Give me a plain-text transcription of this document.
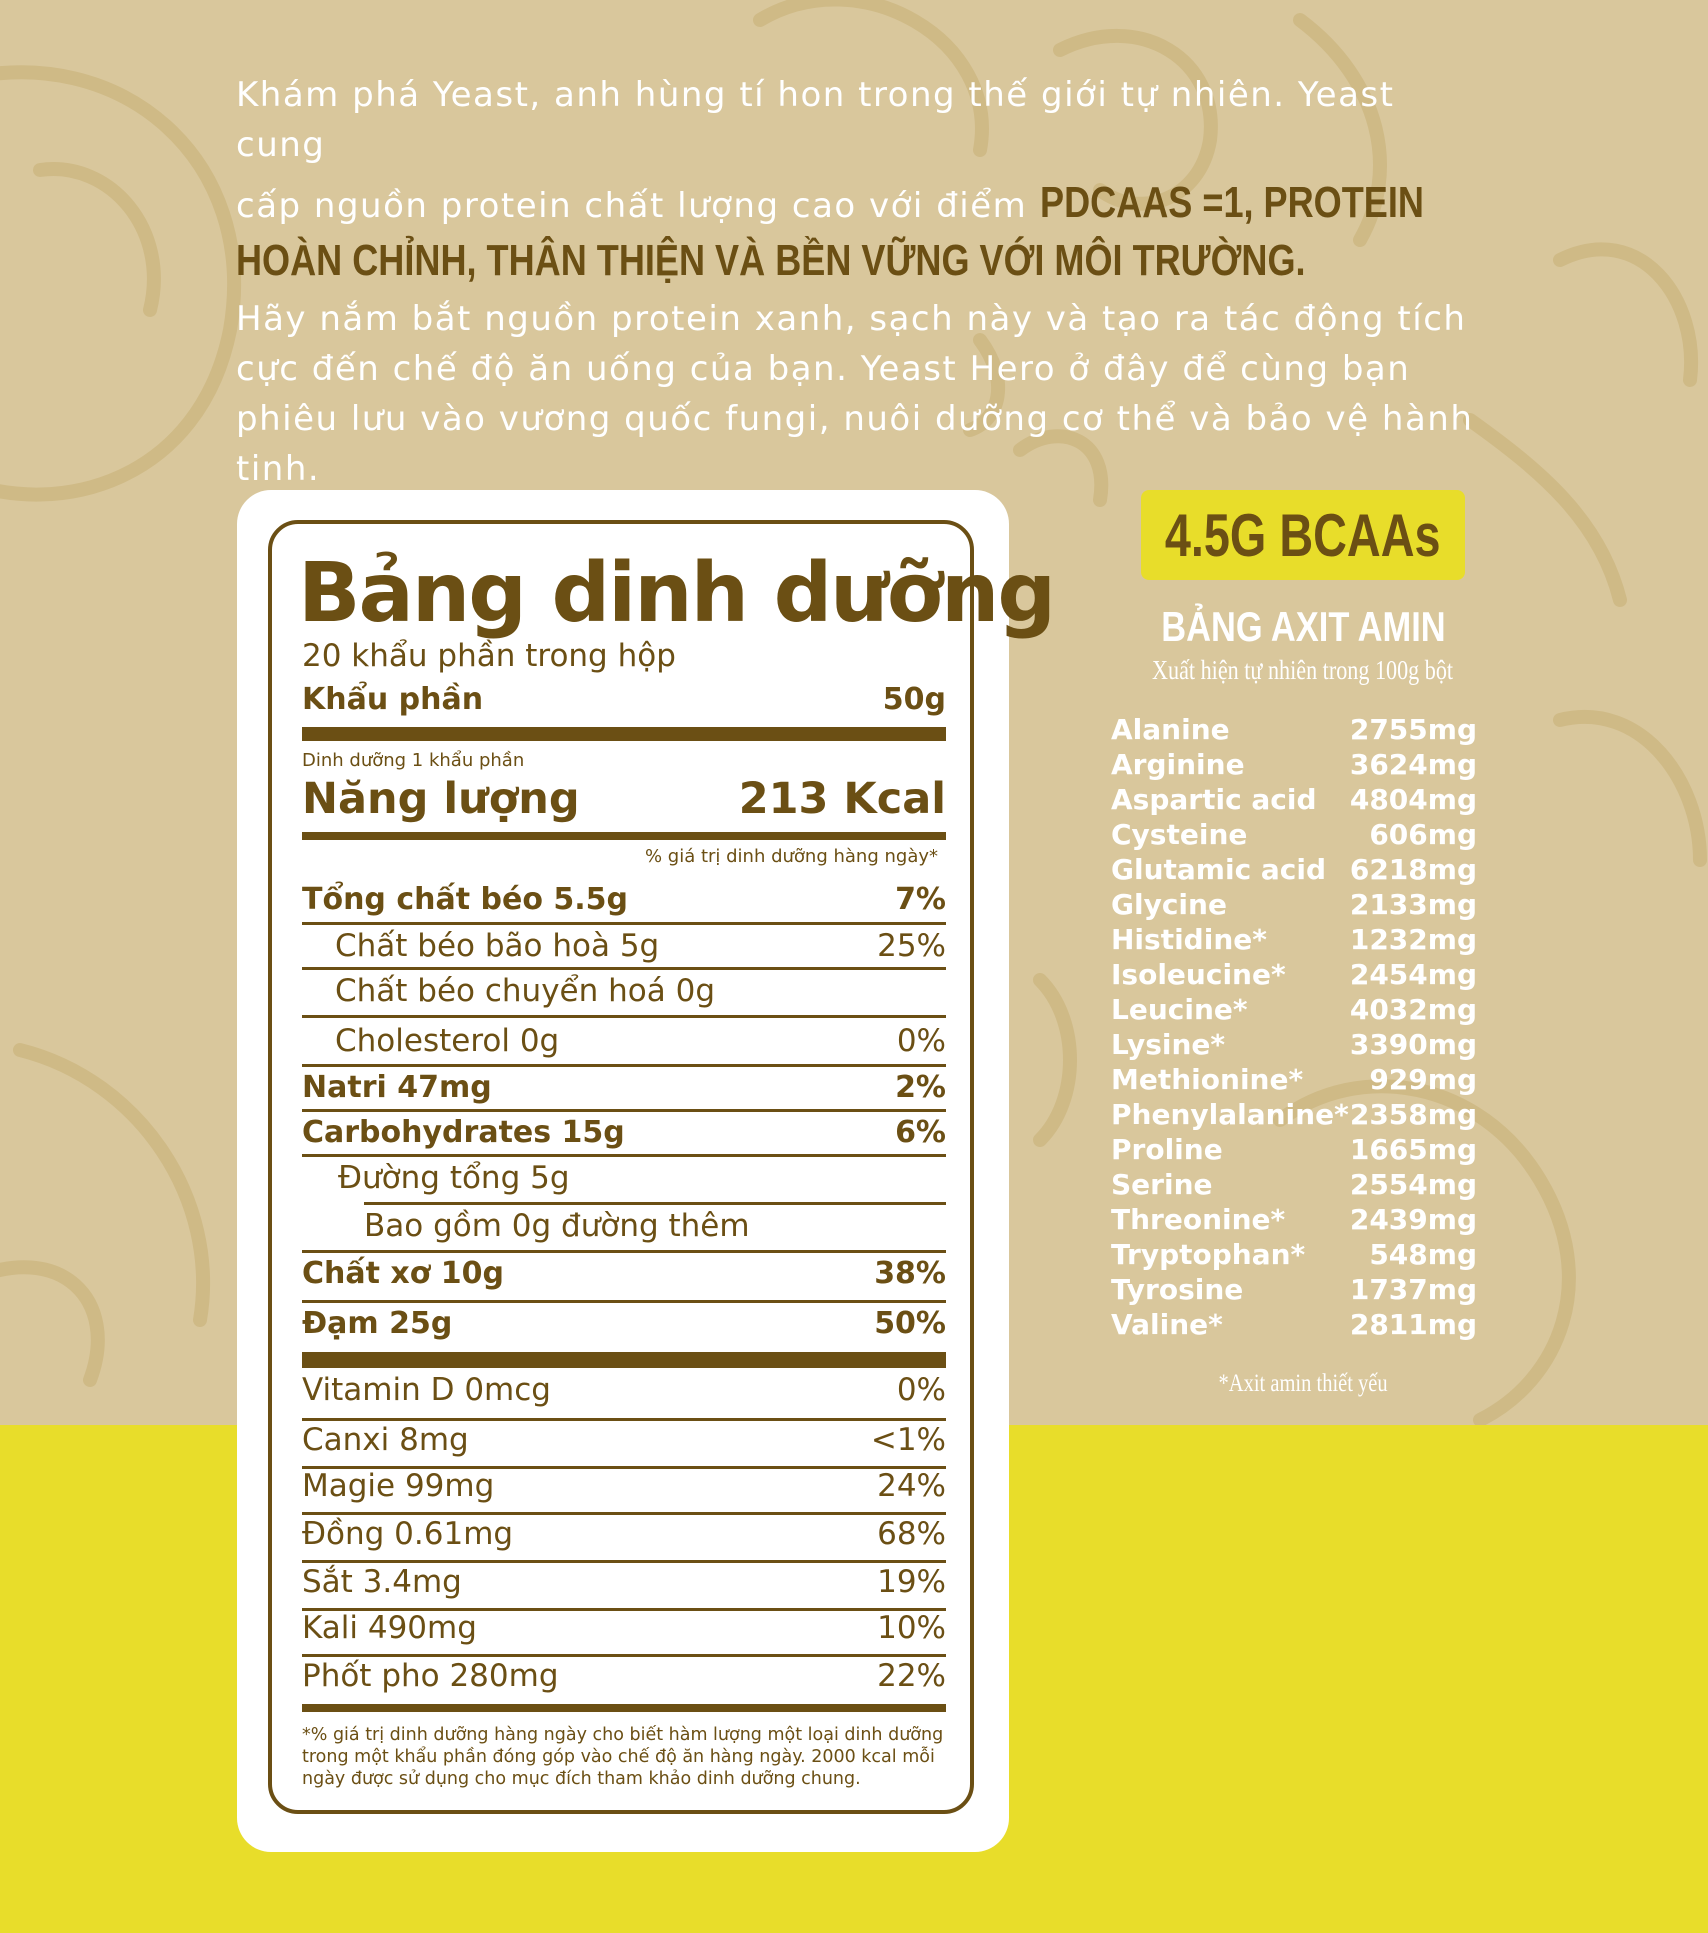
Khám phá Yeast, anh hùng tí hon trong thế giới tự nhiên. Yeast cung
cấp nguồn protein chất lượng cao với điểm PDCAAS =1, PROTEIN
HOÀN CHỈNH, THÂN THIỆN VÀ BỀN VỮNG VỚI MÔI TRƯỜNG.
Hãy nắm bắt nguồn protein xanh, sạch này và tạo ra tác động tích
cực đến chế độ ăn uống của bạn. Yeast Hero ở đây để cùng bạn
phiêu lưu vào vương quốc fungi, nuôi dưỡng cơ thể và bảo vệ hành
tinh.
Bảng dinh dưỡng
20 khẩu phần trong hộp
Khẩu phần	50g
Dinh dưỡng 1 khẩu phần
Năng lượng	213 Kcal
% giá trị dinh dưỡng hàng ngày*
Tổng chất béo 5.5g	7%
Chất béo bão hoà 5g	25%
Chất béo chuyển hoá 0g
Cholesterol 0g	0%
Natri 47mg	2%
Carbohydrates 15g	6%
Đường tổng 5g
Bao gồm 0g đường thêm
Chất xơ 10g	38%
Đạm 25g	50%
Vitamin D 0mcg	0%
Canxi 8mg	<1%
Magie 99mg	24%
Đồng 0.61mg	68%
Sắt 3.4mg	19%
Kali 490mg	10%
Phốt pho 280mg	22%
*% giá trị dinh dưỡng hàng ngày cho biết hàm lượng một loại dinh dưỡng trong một khẩu phần đóng góp vào chế độ ăn hàng ngày. 2000 kcal mỗi ngày được sử dụng cho mục đích tham khảo dinh dưỡng chung.
4.5G BCAAs
BẢNG AXIT AMIN
Xuất hiện tự nhiên trong 100g bột
Alanine	2755mg
Arginine	3624mg
Aspartic acid 4804mg
Cysteine	606mg
Glutamic acid 6218mg
Glycine	2133mg
Histidine*	1232mg
Isoleucine* 2454mg
Leucine*	4032mg
Lysine*	3390mg
Methionine* 929mg
Phenylalanine* 2358mg
Proline	1665mg
Serine	2554mg
Threonine* 2439mg
Tryptophan* 548mg
Tyrosine	1737mg
Valine*	2811mg
*Axit amin thiết yếu
